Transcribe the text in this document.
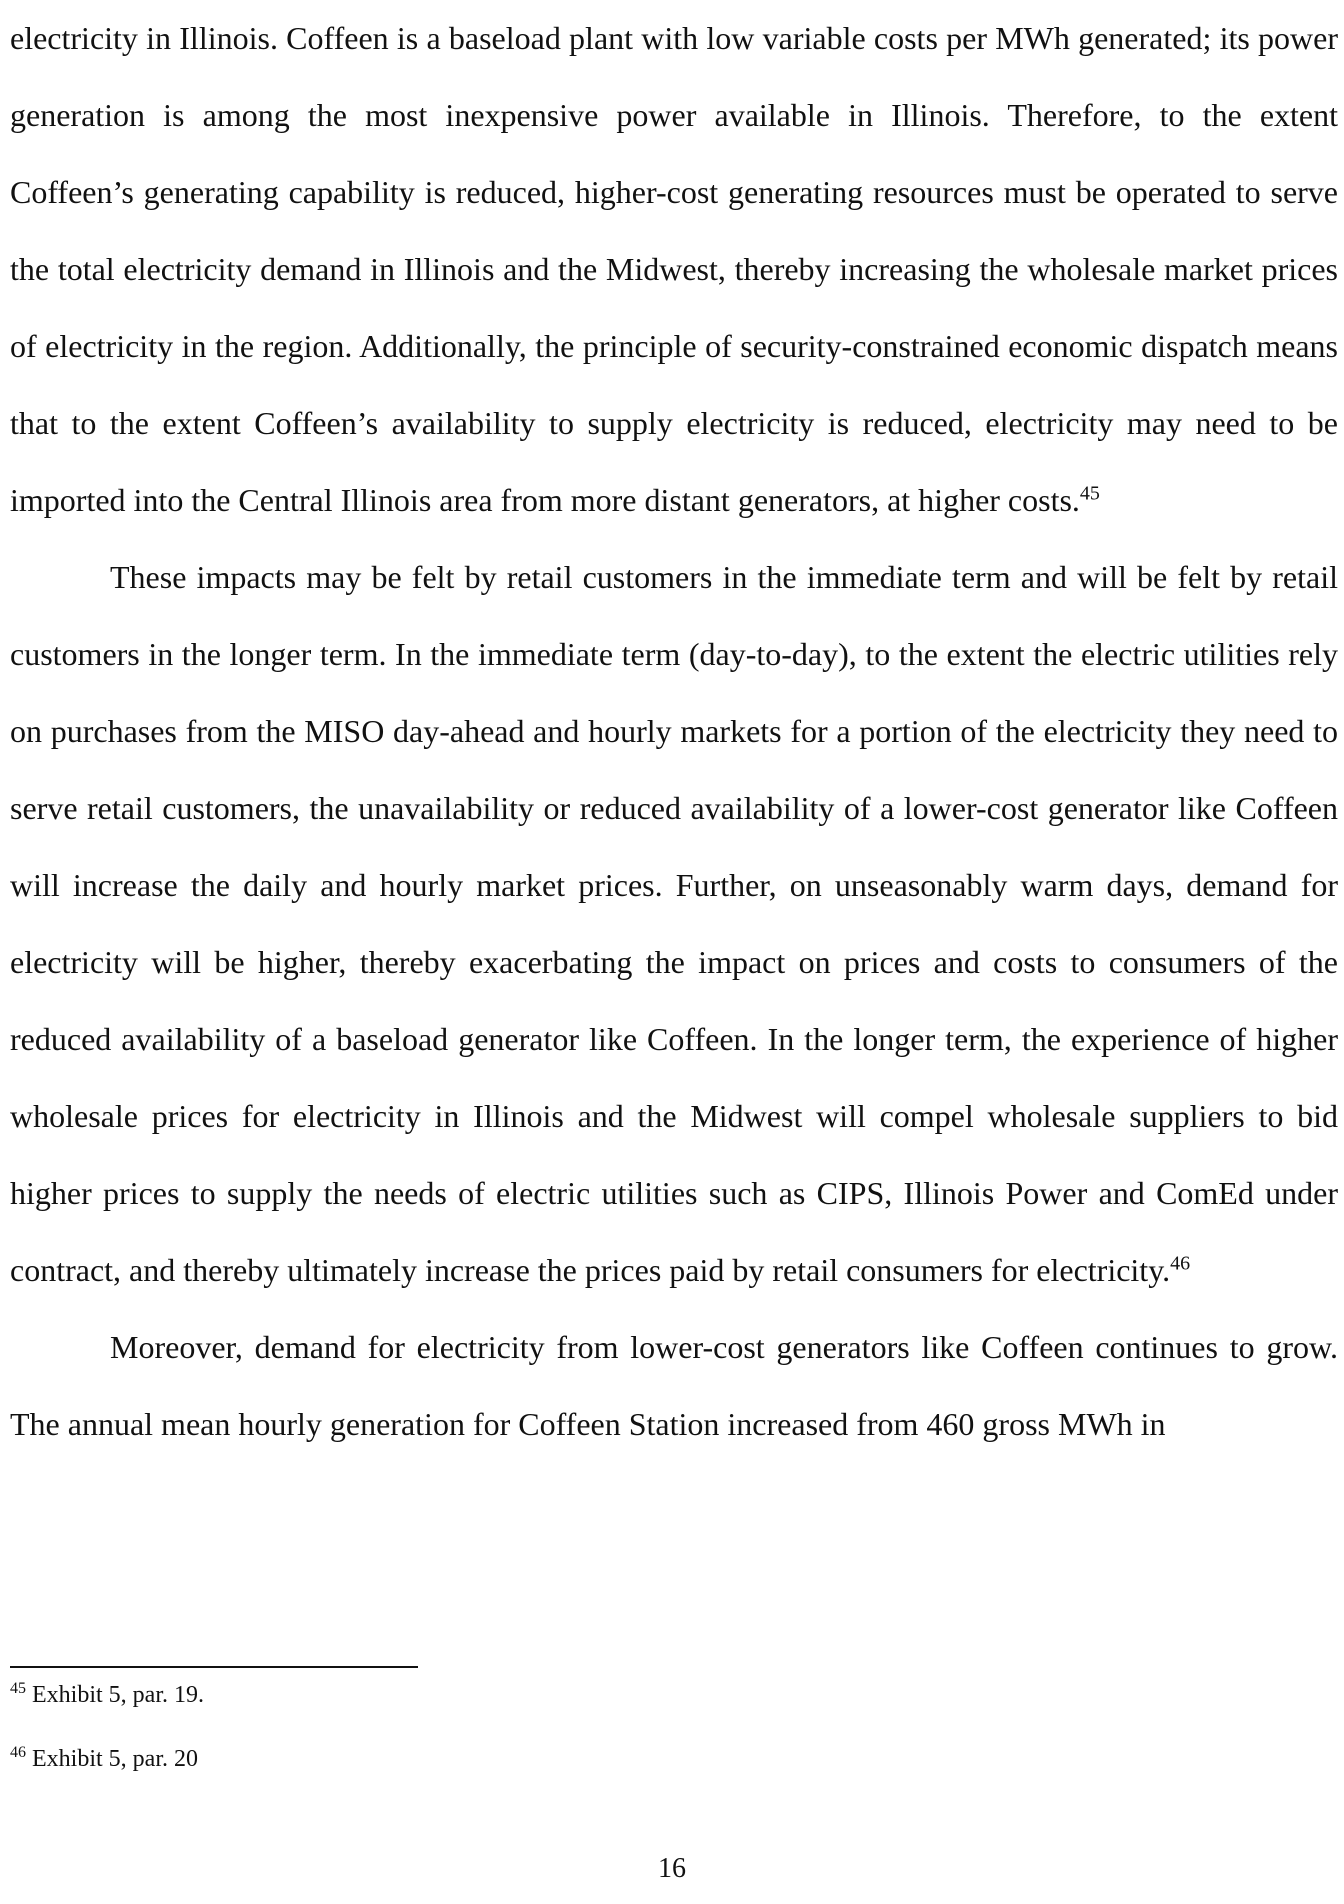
electricity in Illinois. Coffeen is a baseload plant with low variable costs per MWh generated; its power generation is among the most inexpensive power available in Illinois. Therefore, to the extent Coffeen’s generating capability is reduced, higher-cost generating resources must be operated to serve the total electricity demand in Illinois and the Midwest, thereby increasing the wholesale market prices of electricity in the region. Additionally, the principle of security-constrained economic dispatch means that to the extent Coffeen’s availability to supply electricity is reduced, electricity may need to be imported into the Central Illinois area from more distant generators, at higher costs.$^{45}$

These impacts may be felt by retail customers in the immediate term and will be felt by retail customers in the longer term. In the immediate term (day-to-day), to the extent the electric utilities rely on purchases from the MISO day-ahead and hourly markets for a portion of the electricity they need to serve retail customers, the unavailability or reduced availability of a lower-cost generator like Coffeen will increase the daily and hourly market prices. Further, on unseasonably warm days, demand for electricity will be higher, thereby exacerbating the impact on prices and costs to consumers of the reduced availability of a baseload generator like Coffeen. In the longer term, the experience of higher wholesale prices for electricity in Illinois and the Midwest will compel wholesale suppliers to bid higher prices to supply the needs of electric utilities such as CIPS, Illinois Power and ComEd under contract, and thereby ultimately increase the prices paid by retail consumers for electricity.$^{46}$

Moreover, demand for electricity from lower-cost generators like Coffeen continues to grow. The annual mean hourly generation for Coffeen Station increased from 460 gross MWh in

$^{45}$ Exhibit 5, par. 19.

$^{46}$ Exhibit 5, par. 20

16
